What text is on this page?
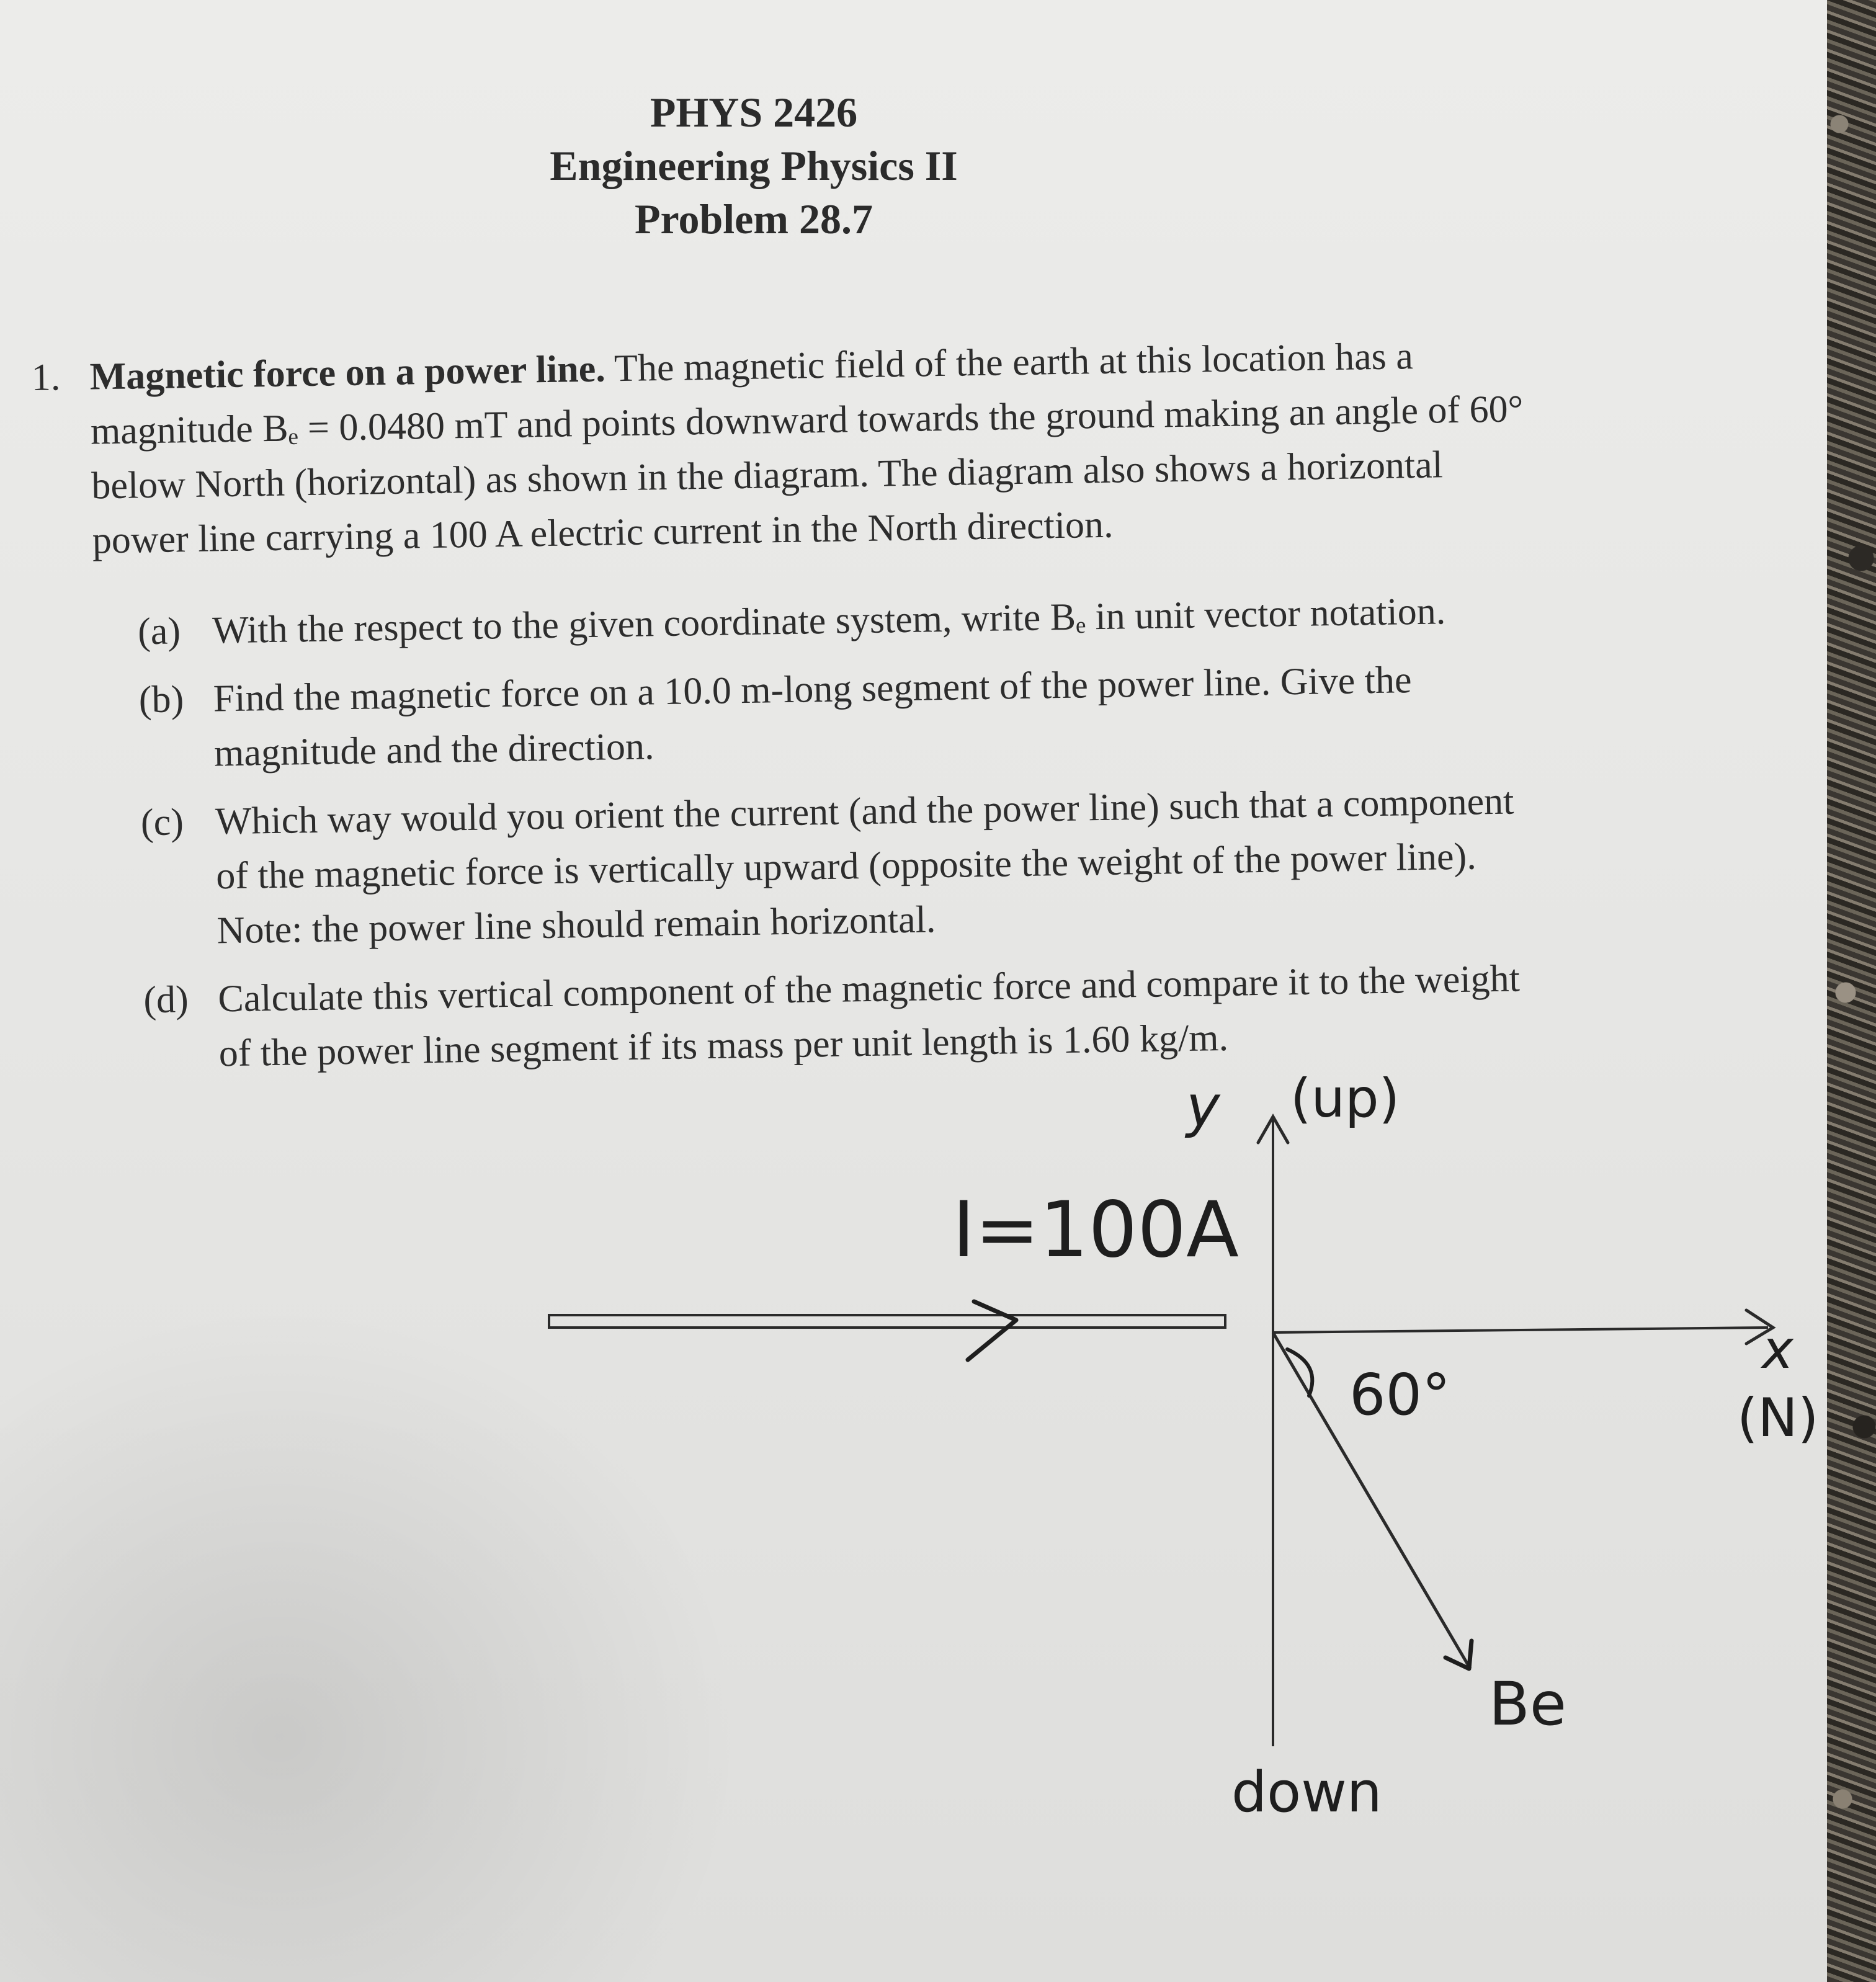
PHYS 2426
Engineering Physics II
Problem 28.7
1. Magnetic force on a power line. The magnetic field of the earth at this location has a magnitude Bₑ = 0.0480 mT and points downward towards the ground making an angle of 60° below North (horizontal) as shown in the diagram. The diagram also shows a horizontal power line carrying a 100 A electric current in the North direction.
(a) With the respect to the given coordinate system, write Bₑ in unit vector notation.
(b) Find the magnetic force on a 10.0 m-long segment of the power line. Give the magnitude and the direction.
(c) Which way would you orient the current (and the power line) such that a component of the magnetic force is vertically upward (opposite the weight of the power line). Note: the power line should remain horizontal.
(d) Calculate this vertical component of the magnetic force and compare it to the weight of the power line segment if its mass per unit length is 1.60 kg/m.
y (up)
x
(N)
I=100A
60°
Be
down
